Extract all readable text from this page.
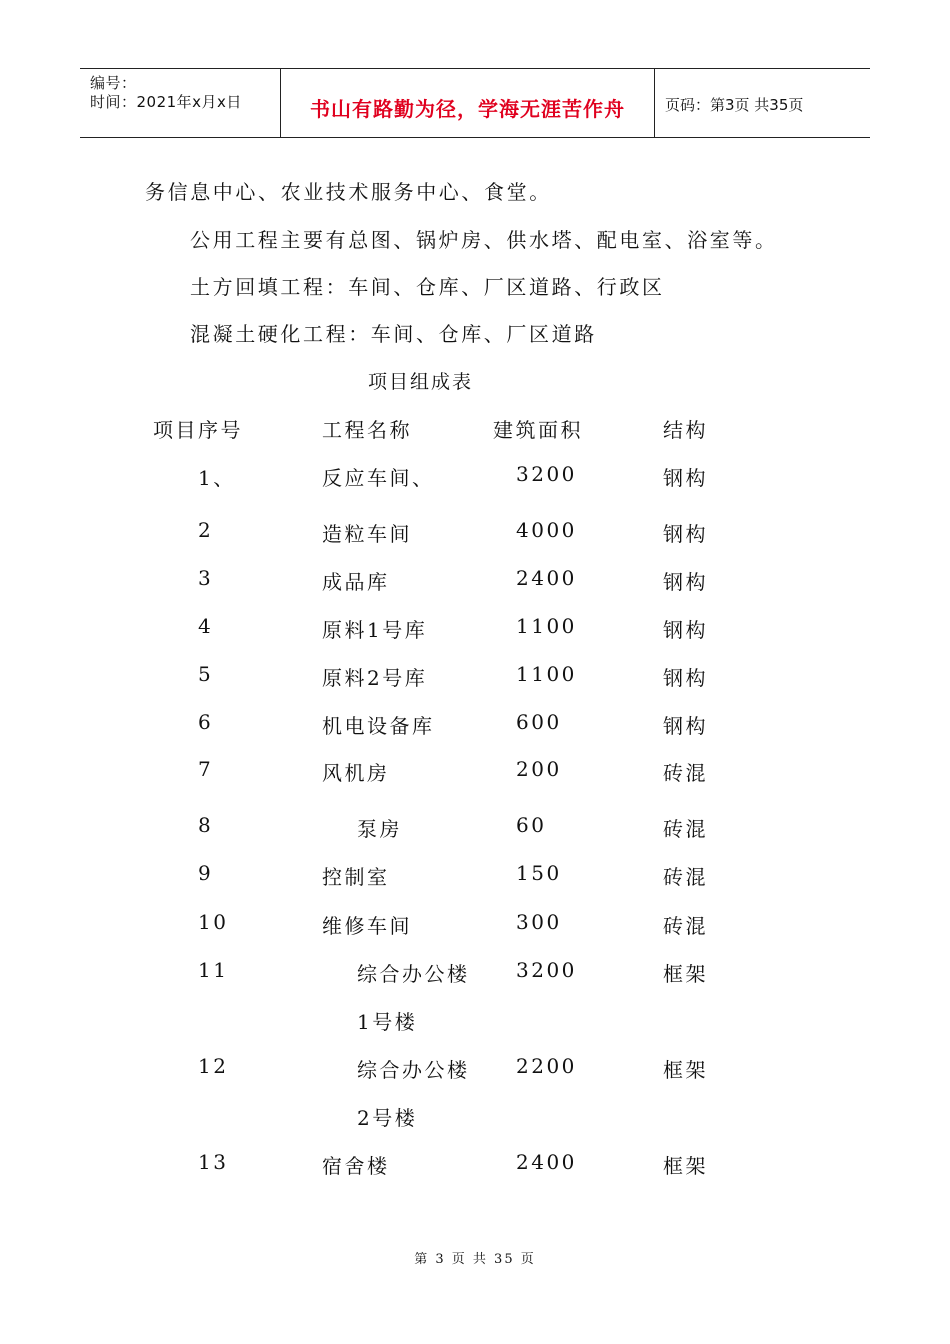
编号：
时间：2021年x月x日	书山有路勤为径，学海无涯苦作舟	页码：第3页 共35页
务信息中心、农业技术服务中心、食堂。
公用工程主要有总图、锅炉房、供水塔、配电室、浴室等。
土方回填工程：车间、仓库、厂区道路、行政区
混凝土硬化工程：车间、仓库、厂区道路
项目组成表
项目序号	工程名称	建筑面积	结构
1、	反应车间、	3200	钢构
2	造粒车间	4000	钢构
3	成品库	2400	钢构
4	原料1号库	1100	钢构
5	原料2号库	1100	钢构
6	机电设备库	600	钢构
7	风机房	200	砖混
8	泵房	60	砖混
9	控制室	150	砖混
10	维修车间	300	砖混
11	综合办公楼 3200	框架
1号楼
12	综合办公楼 2200	框架
2号楼
13	宿舍楼	2400	框架
第 3 页 共 35 页
